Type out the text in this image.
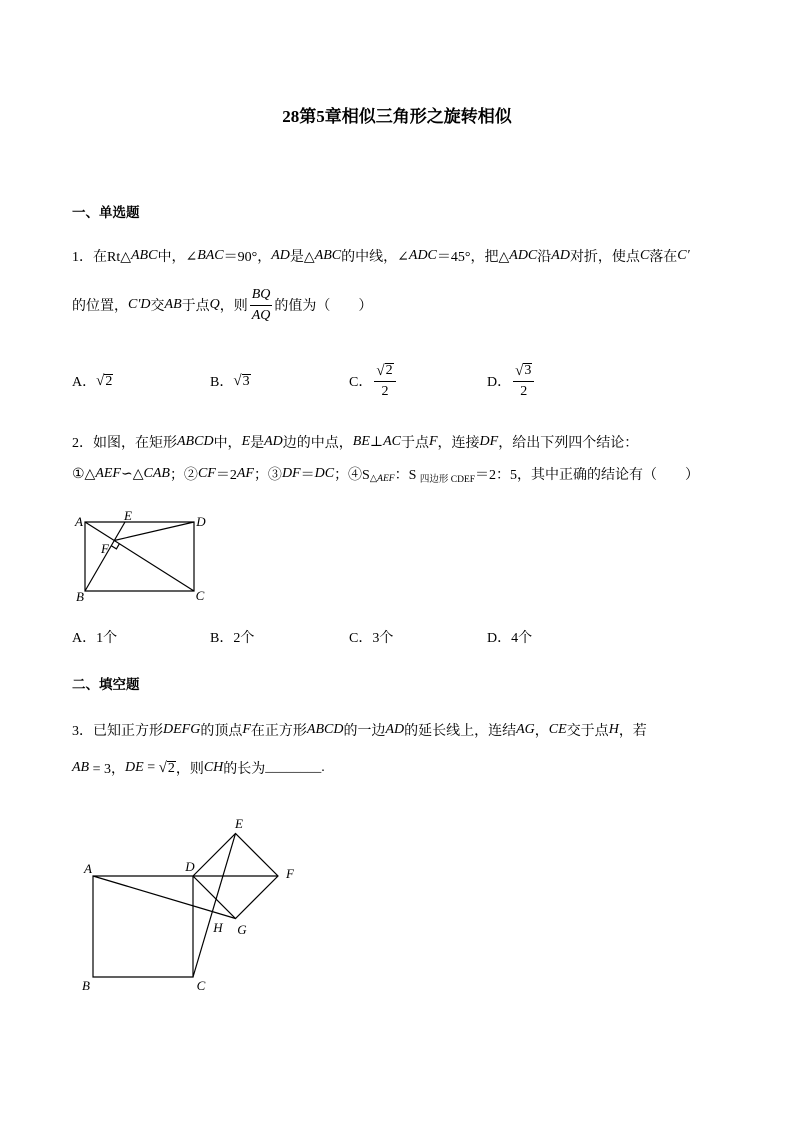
28第5章相似三角形之旋转相似
一、单选题
1．在Rt△ ABC 中，∠ BAC ＝90°， AD 是△ ABC 的中线，∠ ADC ＝45°，把△ ADC 沿 AD 对折，使点 C 落在 C′
的位置， C′D 交 AB 于点 Q ，则 $\frac{BQ}{AQ}$ 的值为（　　）
A． √ 2	B． √ 3	C． $\frac{√ 2}{2}$	D． $\frac{√ 3}{2}$
2．如图，在矩形 ABCD 中， E 是 AD 边的中点， BE ⊥ AC 于点 F ，连接 DF ，给出下列四个结论：
①△ AEF ∽△ CAB ；② CF ＝2 AF ；③ DF ＝ DC ；④S △AEF ：S 四边形 CDEF ＝2：5，其中正确的结论有（　　）
A	E	D
F
B	C
A．1个	B．2个	C．3个	D．4个
二、填空题
3．已知正方形 DEFG 的顶点 F 在正方形 ABCD 的一边 AD 的延长线上，连结 AG ， CE 交于点 H ，若
AB = 3， DE = √ 2 ，则 CH 的长为 ________ .
A	D
E
F
G
H
B	C
